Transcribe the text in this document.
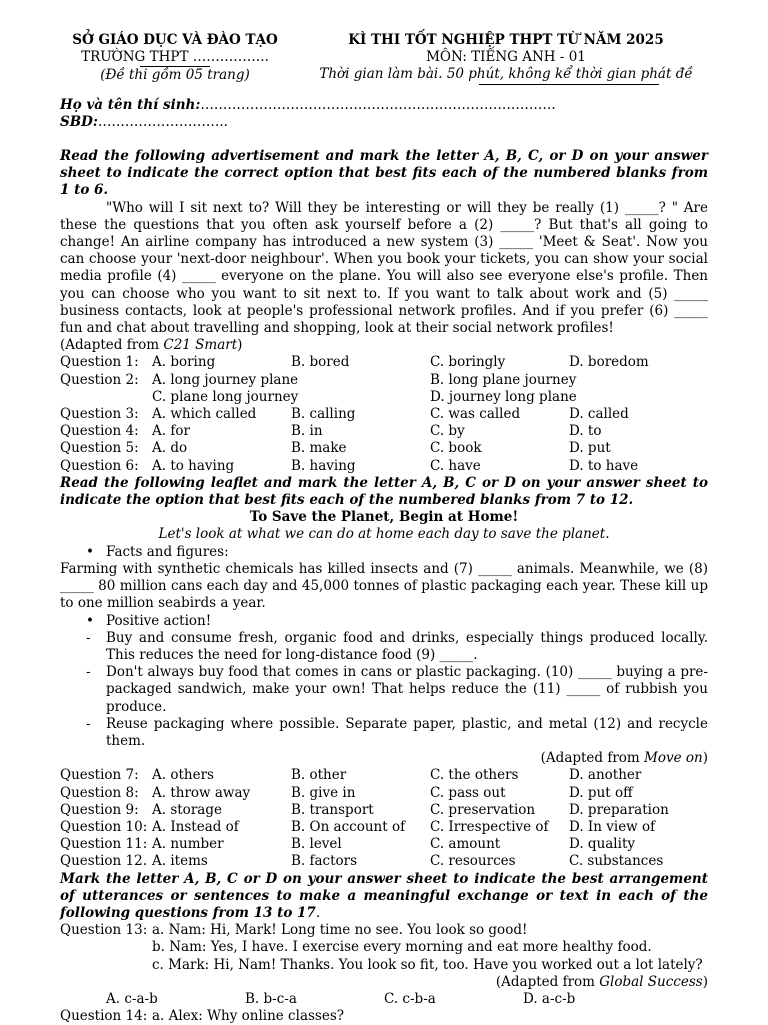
SỞ GIÁO DỤC VÀ ĐÀO TẠO
TRƯỜNG THPT ……………..
(Đề thi gồm 05 trang)
KÌ THI TỐT NGHIỆP THPT TỪ NĂM 2025
MÔN: TIẾNG ANH - 01
Thời gian làm bài. 50 phút, không kể thời gian phát đề

Họ và tên thí sinh:……………………………………………………………………. SBD:………………………..

Read the following advertisement and mark the letter A, B, C, or D on your answer sheet to indicate the correct option that best fits each of the numbered blanks from 1 to 6.

"Who will I sit next to? Will they be interesting or will they be really (1) _____? " Are these the questions that you often ask yourself before a (2) _____? But that's all going to change! An airline company has introduced a new system (3) _____ 'Meet & Seat'. Now you can choose your 'next-door neighbour'. When you book your tickets, you can show your social media profile (4) _____ everyone on the plane. You will also see everyone else's profile. Then you can choose who you want to sit next to. If you want to talk about work and (5) _____ business contacts, look at people's professional network profiles. And if you prefer (6) _____ fun and chat about travelling and shopping, look at their social network profiles!

(Adapted from C21 Smart)

Question 1: A. boring	B. bored	C. boringly	D. boredom
Question 2: A. long journey plane	B. long plane journey
C. plane long journey	D. journey long plane
Question 3: A. which called	B. calling	C. was called	D. called
Question 4: A. for	B. in	C. by	D. to
Question 5: A. do	B. make	C. book	D. put
Question 6: A. to having	B. having	C. have	D. to have

Read the following leaflet and mark the letter A, B, C or D on your answer sheet to indicate the option that best fits each of the numbered blanks from 7 to 12.

To Save the Planet, Begin at Home!

Let's look at what we can do at home each day to save the planet.

• Facts and figures:

Farming with synthetic chemicals has killed insects and (7) _____ animals. Meanwhile, we (8) _____ 80 million cans each day and 45,000 tonnes of plastic packaging each year. These kill up to one million seabirds a year.

• Positive action!

- Buy and consume fresh, organic food and drinks, especially things produced locally. This reduces the need for long-distance food (9) _____.

- Don't always buy food that comes in cans or plastic packaging. (10) _____ buying a pre-packaged sandwich, make your own! That helps reduce the (11) _____ of rubbish you produce.

- Reuse packaging where possible. Separate paper, plastic, and metal (12) and recycle them.

(Adapted from Move on)

Question 7: A. others	B. other	C. the others	D. another
Question 8: A. throw away	B. give in	C. pass out	D. put off
Question 9: A. storage	B. transport	C. preservation	D. preparation
Question 10: A. Instead of	B. On account of	C. Irrespective of	D. In view of
Question 11: A. number	B. level	C. amount	D. quality
Question 12. A. items	B. factors	C. resources	C. substances

Mark the letter A, B, C or D on your answer sheet to indicate the best arrangement of utterances or sentences to make a meaningful exchange or text in each of the following questions from 13 to 17.

Question 13: a. Nam: Hi, Mark! Long time no see. You look so good!

b. Nam: Yes, I have. I exercise every morning and eat more healthy food.

c. Mark: Hi, Nam! Thanks. You look so fit, too. Have you worked out a lot lately?

(Adapted from Global Success)

A. c-a-b	B. b-c-a	C. c-b-a	D. a-c-b
Question 14: a. Alex: Why online classes?
